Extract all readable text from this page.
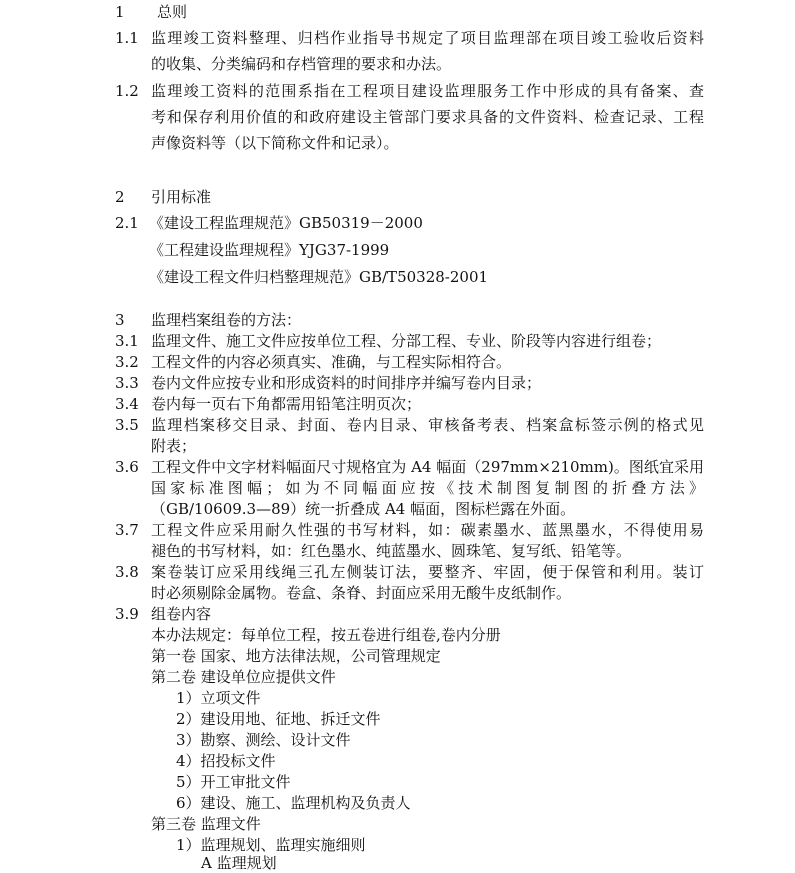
1 总则
1.1 监理竣工资料整理、归档作业指导书规定了项目监理部在项目竣工验收后资料
的收集、分类编码和存档管理的要求和办法。
1.2 监理竣工资料的范围系指在工程项目建设监理服务工作中形成的具有备案、查
考和保存利用价值的和政府建设主管部门要求具备的文件资料、检查记录、工程
声像资料等（以下简称文件和记录）。
2 引用标准
2.1 《建设工程监理规范》GB50319－2000
《工程建设监理规程》YJG37-1999
《建设工程文件归档整理规范》GB/T50328-2001
3 监理档案组卷的方法：
3.1 监理文件、施工文件应按单位工程、分部工程、专业、阶段等内容进行组卷；
3.2 工程文件的内容必须真实、准确，与工程实际相符合。
3.3 卷内文件应按专业和形成资料的时间排序并编写卷内目录；
3.4 卷内每一页右下角都需用铅笔注明页次；
3.5 监理档案移交目录、封面、卷内目录、审核备考表、档案盒标签示例的格式见
附表；
3.6 工程文件中文字材料幅面尺寸规格宜为 A4 幅面（297mm×210mm)。图纸宜采用
国家标准图幅；如为不同幅面应按《技术制图复制图的折叠方法》
（GB/10609.3—89）统一折叠成 A4 幅面，图标栏露在外面。
3.7 工程文件应采用耐久性强的书写材料，如：碳素墨水、蓝黑墨水，不得使用易
褪色的书写材料，如：红色墨水、纯蓝墨水、圆珠笔、复写纸、铅笔等。
3.8 案卷装订应采用线绳三孔左侧装订法，要整齐、牢固，便于保管和利用。装订
时必须剔除金属物。卷盒、条脊、封面应采用无酸牛皮纸制作。
3.9 组卷内容
本办法规定：每单位工程，按五卷进行组卷,卷内分册
第一卷 国家、地方法律法规，公司管理规定
第二卷 建设单位应提供文件
1）立项文件
2）建设用地、征地、拆迁文件
3）勘察、测绘、设计文件
4）招投标文件
5）开工审批文件
6）建设、施工、监理机构及负责人
第三卷 监理文件
1）监理规划、监理实施细则
A 监理规划
